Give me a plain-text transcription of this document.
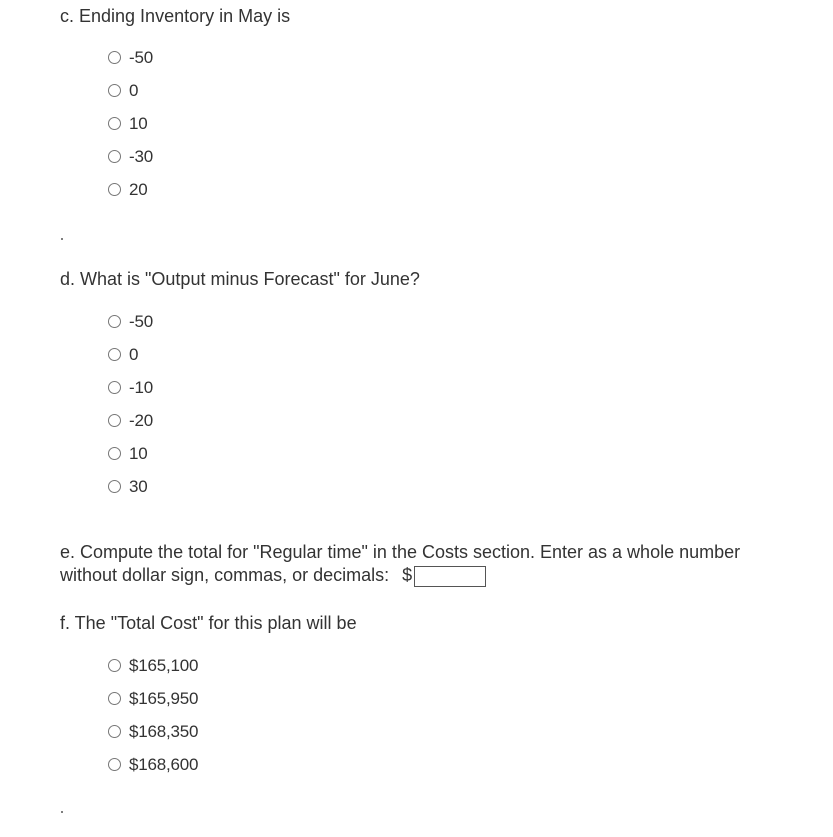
c. Ending Inventory in May is
-50
0
10
-30
20
d. What is "Output minus Forecast" for June?
-50
0
-10
-20
10
30
e. Compute the total for "Regular time" in the Costs section. Enter as a whole number
without dollar sign, commas, or decimals: $
f. The "Total Cost" for this plan will be
$165,100
$165,950
$168,350
$168,600
